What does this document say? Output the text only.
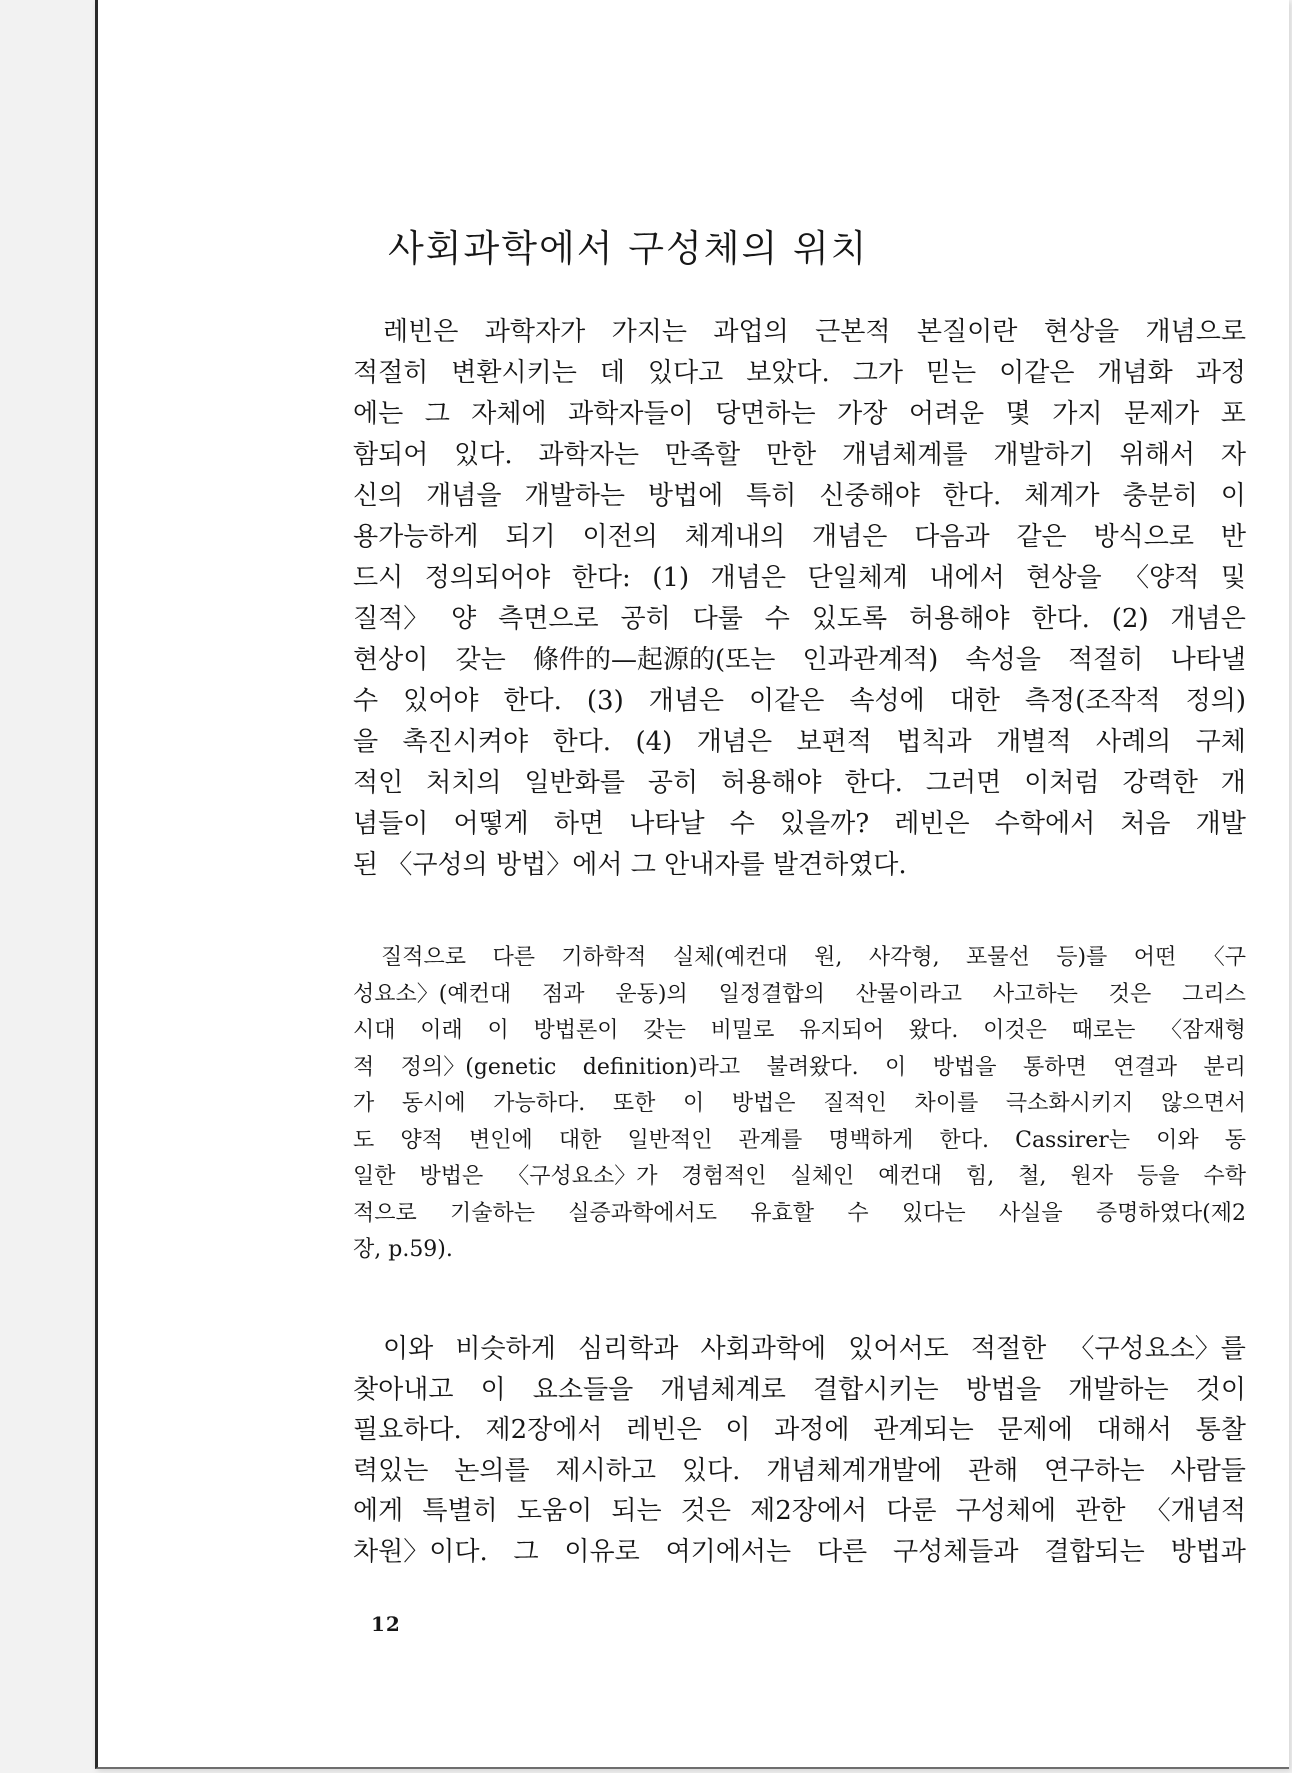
사회과학에서 구성체의 위치
레빈은 과학자가 가지는 과업의 근본적 본질이란 현상을 개념으로
적절히 변환시키는 데 있다고 보았다. 그가 믿는 이같은 개념화 과정
에는 그 자체에 과학자들이 당면하는 가장 어려운 몇 가지 문제가 포
함되어 있다. 과학자는 만족할 만한 개념체계를 개발하기 위해서 자
신의 개념을 개발하는 방법에 특히 신중해야 한다. 체계가 충분히 이
용가능하게 되기 이전의 체계내의 개념은 다음과 같은 방식으로 반
드시 정의되어야 한다: (1) 개념은 단일체계 내에서 현상을 〈양적 및
질적〉 양 측면으로 공히 다룰 수 있도록 허용해야 한다. (2) 개념은
현상이 갖는 條件的—起源的(또는 인과관계적) 속성을 적절히 나타낼
수 있어야 한다. (3) 개념은 이같은 속성에 대한 측정(조작적 정의)
을 촉진시켜야 한다. (4) 개념은 보편적 법칙과 개별적 사례의 구체
적인 처치의 일반화를 공히 허용해야 한다. 그러면 이처럼 강력한 개
념들이 어떻게 하면 나타날 수 있을까? 레빈은 수학에서 처음 개발
된 〈구성의 방법〉에서 그 안내자를 발견하였다.
질적으로 다른 기하학적 실체(예컨대 원, 사각형, 포물선 등)를 어떤 〈구
성요소〉(예컨대 점과 운동)의 일정결합의 산물이라고 사고하는 것은 그리스
시대 이래 이 방법론이 갖는 비밀로 유지되어 왔다. 이것은 때로는 〈잠재형
적 정의〉(genetic definition)라고 불려왔다. 이 방법을 통하면 연결과 분리
가 동시에 가능하다. 또한 이 방법은 질적인 차이를 극소화시키지 않으면서
도 양적 변인에 대한 일반적인 관계를 명백하게 한다. Cassirer는 이와 동
일한 방법은 〈구성요소〉가 경험적인 실체인 예컨대 힘, 철, 원자 등을 수학
적으로 기술하는 실증과학에서도 유효할 수 있다는 사실을 증명하였다(제2
장, p.59).
이와 비슷하게 심리학과 사회과학에 있어서도 적절한 〈구성요소〉를
찾아내고 이 요소들을 개념체계로 결합시키는 방법을 개발하는 것이
필요하다. 제2장에서 레빈은 이 과정에 관계되는 문제에 대해서 통찰
력있는 논의를 제시하고 있다. 개념체계개발에 관해 연구하는 사람들
에게 특별히 도움이 되는 것은 제2장에서 다룬 구성체에 관한 〈개념적
차원〉이다. 그 이유로 여기에서는 다른 구성체들과 결합되는 방법과
12
